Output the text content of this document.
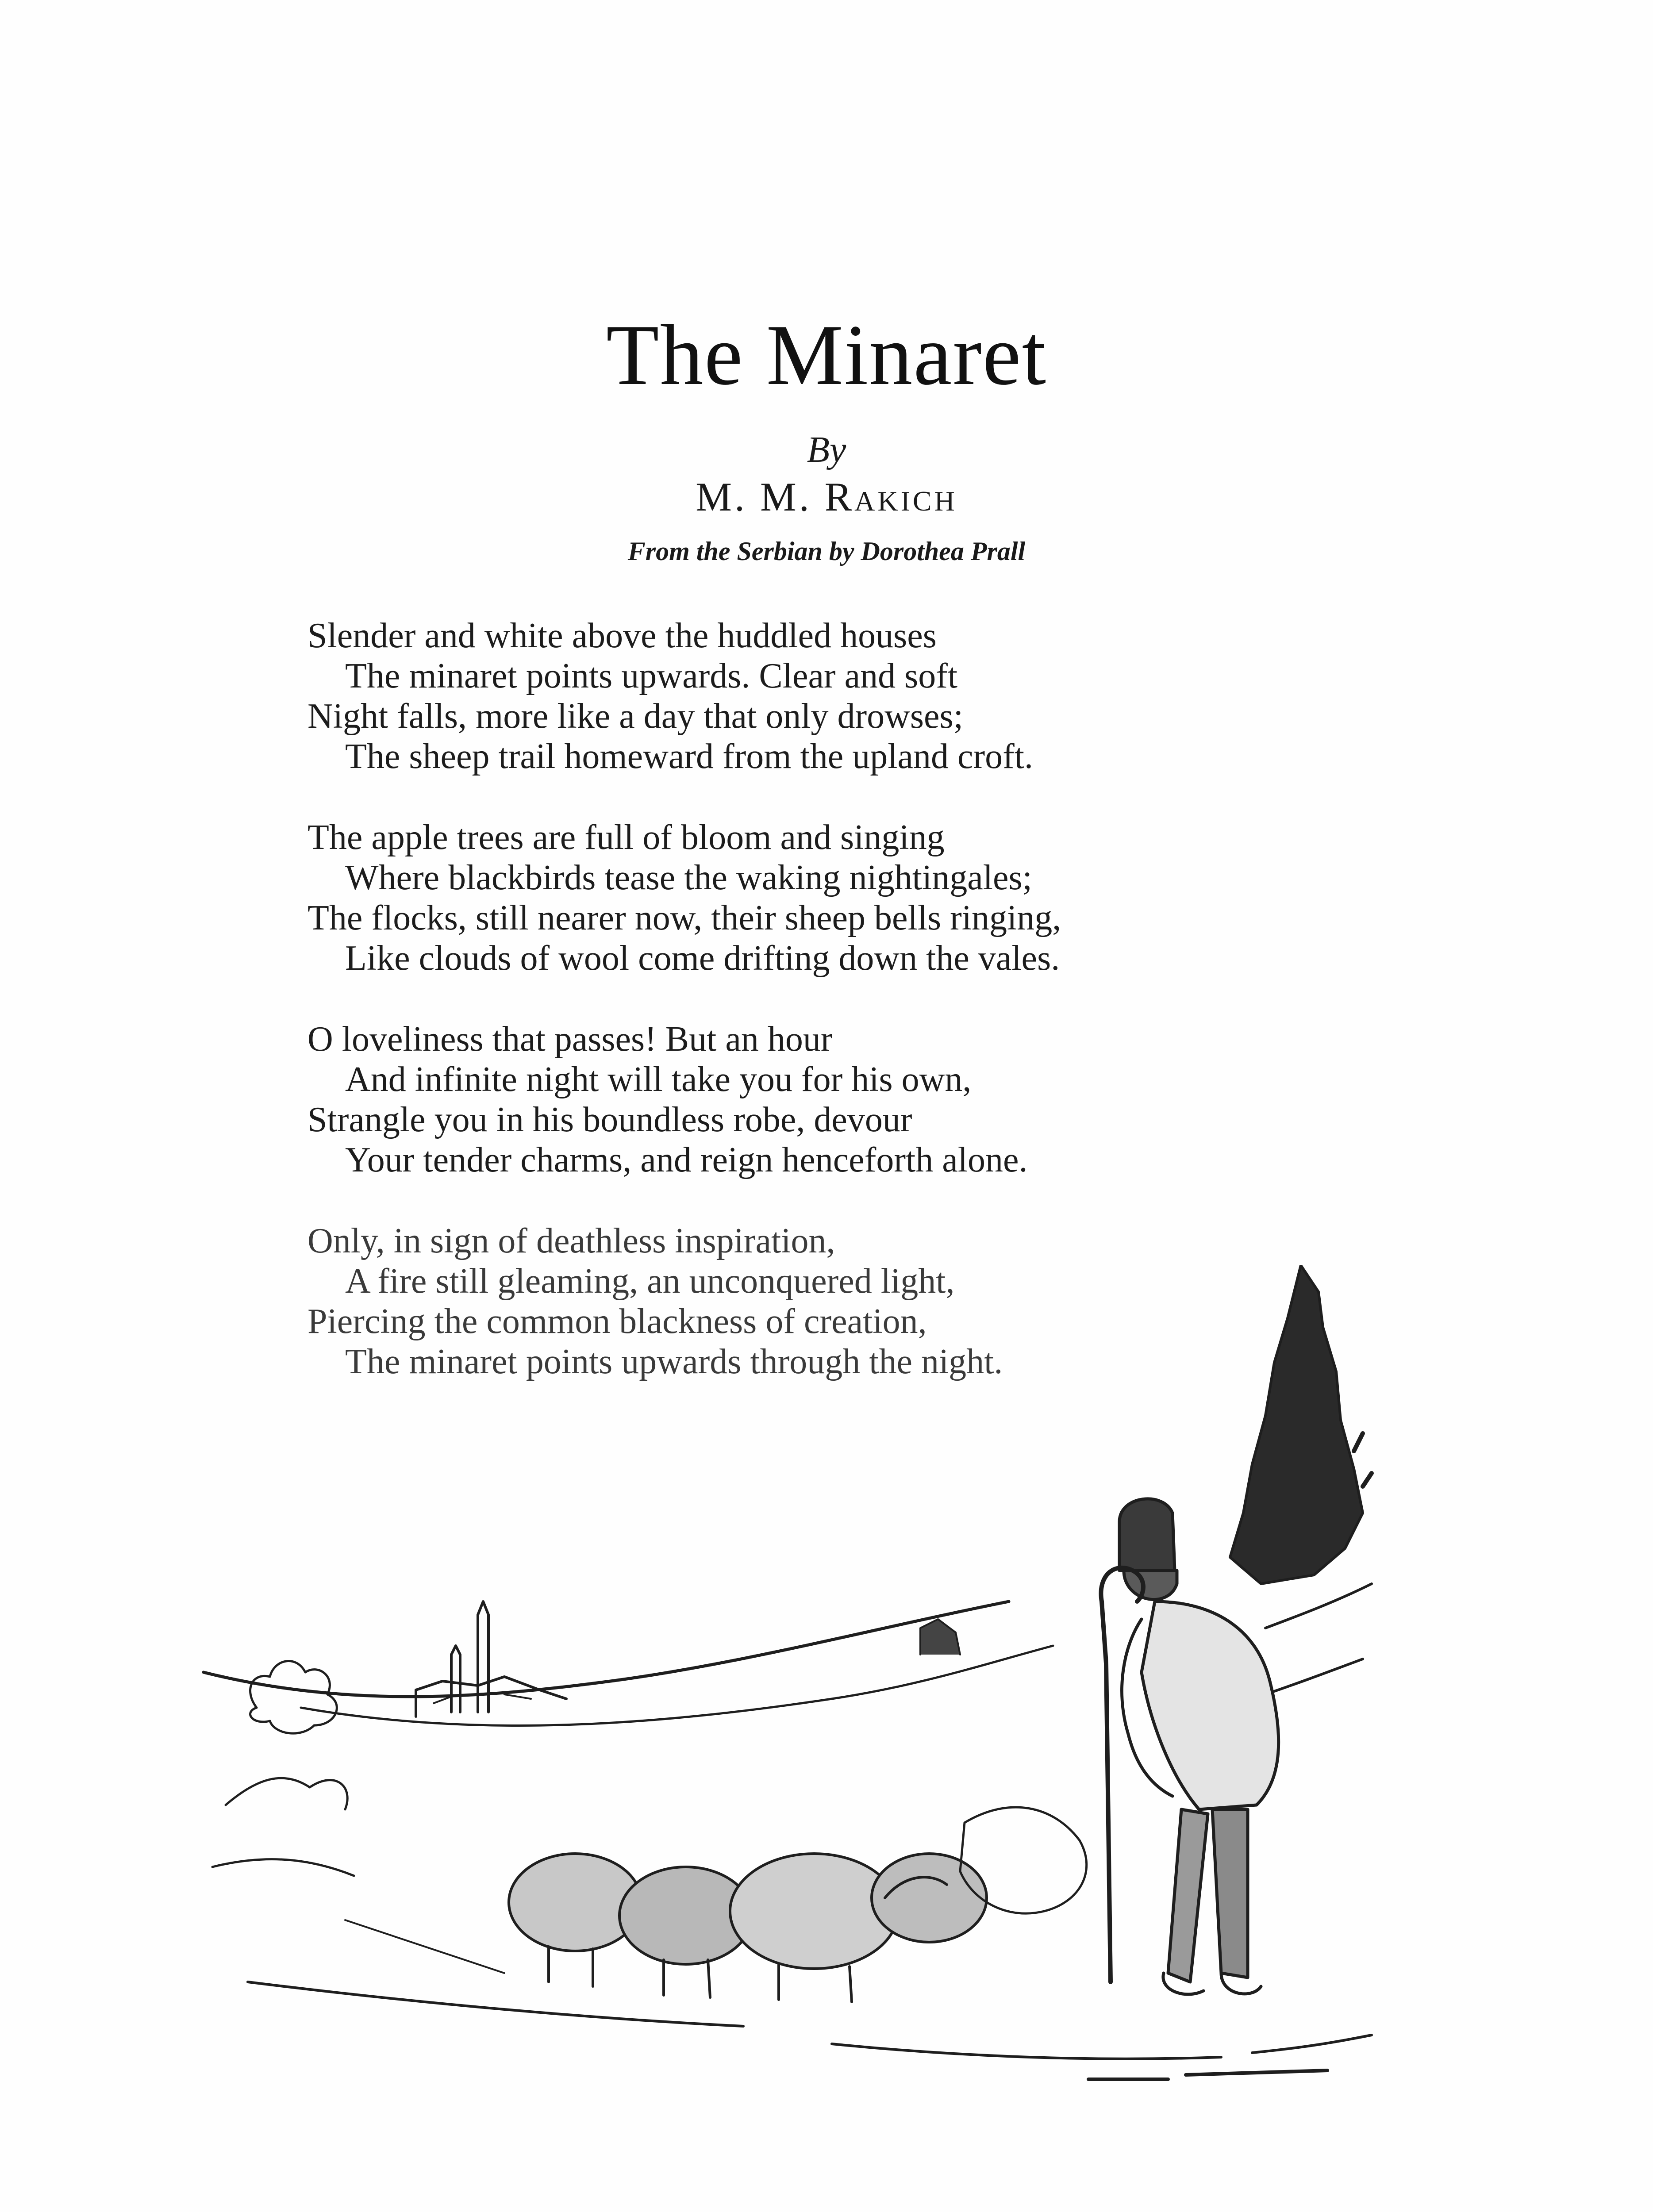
The Minaret
By
M. M. Rakich
From the Serbian by Dorothea Prall
Slender and white above the huddled houses
The minaret points upwards. Clear and soft
Night falls, more like a day that only drowses;
The sheep trail homeward from the upland croft.
The apple trees are full of bloom and singing
Where blackbirds tease the waking nightingales;
The flocks, still nearer now, their sheep bells ringing,
Like clouds of wool come drifting down the vales.
O loveliness that passes! But an hour
And infinite night will take you for his own,
Strangle you in his boundless robe, devour
Your tender charms, and reign henceforth alone.
Only, in sign of deathless inspiration,
A fire still gleaming, an unconquered light,
Piercing the common blackness of creation,
The minaret points upwards through the night.
